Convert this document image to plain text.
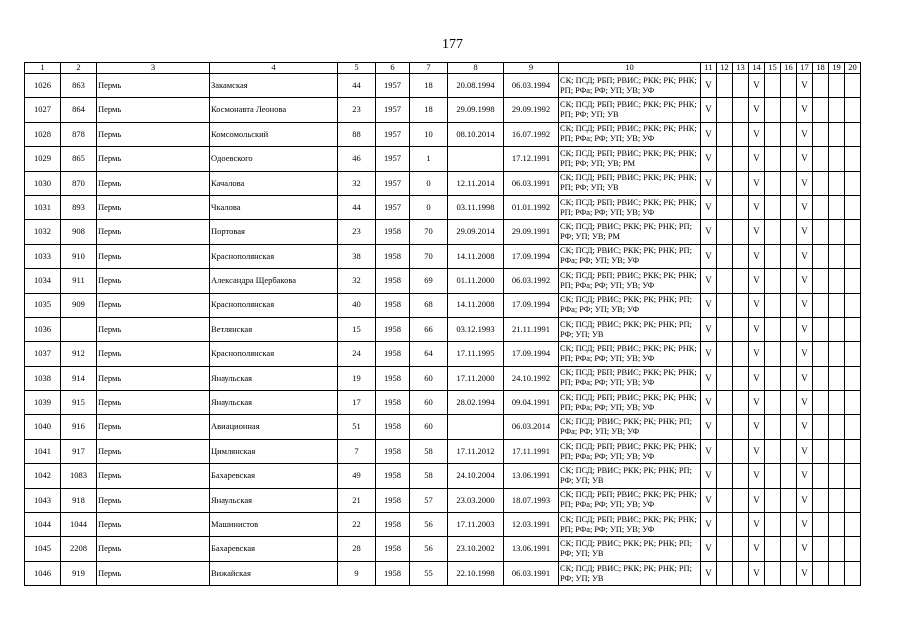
177
1	2	3	4	5	6	7	8	9	10	11	12	13	14	15	16	17	18	19	20
1026	863	Пермь	Закамская	44	1957	18	20.08.1994	06.03.1994	СК; ПСД; РБП; РВИС; РКК; РК; РНК; РП; РФа; РФ; УП; УВ; УФ	V			V			V			
1027	864	Пермь	Космонавта Леонова	23	1957	18	29.09.1998	29.09.1992	СК; ПСД; РБП; РВИС; РКК; РК; РНК; РП; РФ; УП; УВ	V			V			V			
1028	878	Пермь	Комсомольский	88	1957	10	08.10.2014	16.07.1992	СК; ПСД; РБП; РВИС; РКК; РК; РНК; РП; РФа; РФ; УП; УВ; УФ	V			V			V			
1029	865	Пермь	Одоевского	46	1957	1		17.12.1991	СК; ПСД; РБП; РВИС; РКК; РК; РНК; РП; РФ; УП; УВ; РМ	V			V			V			
1030	870	Пермь	Качалова	32	1957	0	12.11.2014	06.03.1991	СК; ПСД; РБП; РВИС; РКК; РК; РНК; РП; РФ; УП; УВ	V			V			V			
1031	893	Пермь	Чкалова	44	1957	0	03.11.1998	01.01.1992	СК; ПСД; РБП; РВИС; РКК; РК; РНК; РП; РФа; РФ; УП; УВ; УФ	V			V			V			
1032	908	Пермь	Портовая	23	1958	70	29.09.2014	29.09.1991	СК; ПСД; РВИС; РКК; РК; РНК; РП; РФ; УП; УВ; РМ	V			V			V			
1033	910	Пермь	Краснополянская	38	1958	70	14.11.2008	17.09.1994	СК; ПСД; РВИС; РКК; РК; РНК; РП; РФа; РФ; УП; УВ; УФ	V			V			V			
1034	911	Пермь	Александра Щербакова	32	1958	69	01.11.2000	06.03.1992	СК; ПСД; РБП; РВИС; РКК; РК; РНК; РП; РФа; РФ; УП; УВ; УФ	V			V			V			
1035	909	Пермь	Краснополянская	40	1958	68	14.11.2008	17.09.1994	СК; ПСД; РВИС; РКК; РК; РНК; РП; РФа; РФ; УП; УВ; УФ	V			V			V			
1036		Пермь	Ветлянская	15	1958	66	03.12.1993	21.11.1991	СК; ПСД; РВИС; РКК; РК; РНК; РП; РФ; УП; УВ	V			V			V			
1037	912	Пермь	Краснополянская	24	1958	64	17.11.1995	17.09.1994	СК; ПСД; РБП; РВИС; РКК; РК; РНК; РП; РФа; РФ; УП; УВ; УФ	V			V			V			
1038	914	Пермь	Янаульская	19	1958	60	17.11.2000	24.10.1992	СК; ПСД; РБП; РВИС; РКК; РК; РНК; РП; РФа; РФ; УП; УВ; УФ	V			V			V			
1039	915	Пермь	Янаульская	17	1958	60	28.02.1994	09.04.1991	СК; ПСД; РБП; РВИС; РКК; РК; РНК; РП; РФа; РФ; УП; УВ; УФ	V			V			V			
1040	916	Пермь	Авиационная	51	1958	60		06.03.2014	СК; ПСД; РВИС; РКК; РК; РНК; РП; РФа; РФ; УП; УВ; УФ	V			V			V			
1041	917	Пермь	Цимлянская	7	1958	58	17.11.2012	17.11.1991	СК; ПСД; РБП; РВИС; РКК; РК; РНК; РП; РФа; РФ; УП; УВ; УФ	V			V			V			
1042	1083	Пермь	Бахаревская	49	1958	58	24.10.2004	13.06.1991	СК; ПСД; РВИС; РКК; РК; РНК; РП; РФ; УП; УВ	V			V			V			
1043	918	Пермь	Янаульская	21	1958	57	23.03.2000	18.07.1993	СК; ПСД; РБП; РВИС; РКК; РК; РНК; РП; РФа; РФ; УП; УВ; УФ	V			V			V			
1044	1044	Пермь	Машинистов	22	1958	56	17.11.2003	12.03.1991	СК; ПСД; РБП; РВИС; РКК; РК; РНК; РП; РФа; РФ; УП; УВ; УФ	V			V			V			
1045	2208	Пермь	Бахаревская	28	1958	56	23.10.2002	13.06.1991	СК; ПСД; РВИС; РКК; РК; РНК; РП; РФ; УП; УВ	V			V			V			
1046	919	Пермь	Вижайская	9	1958	55	22.10.1998	06.03.1991	СК; ПСД; РВИС; РКК; РК; РНК; РП; РФ; УП; УВ	V			V			V			
